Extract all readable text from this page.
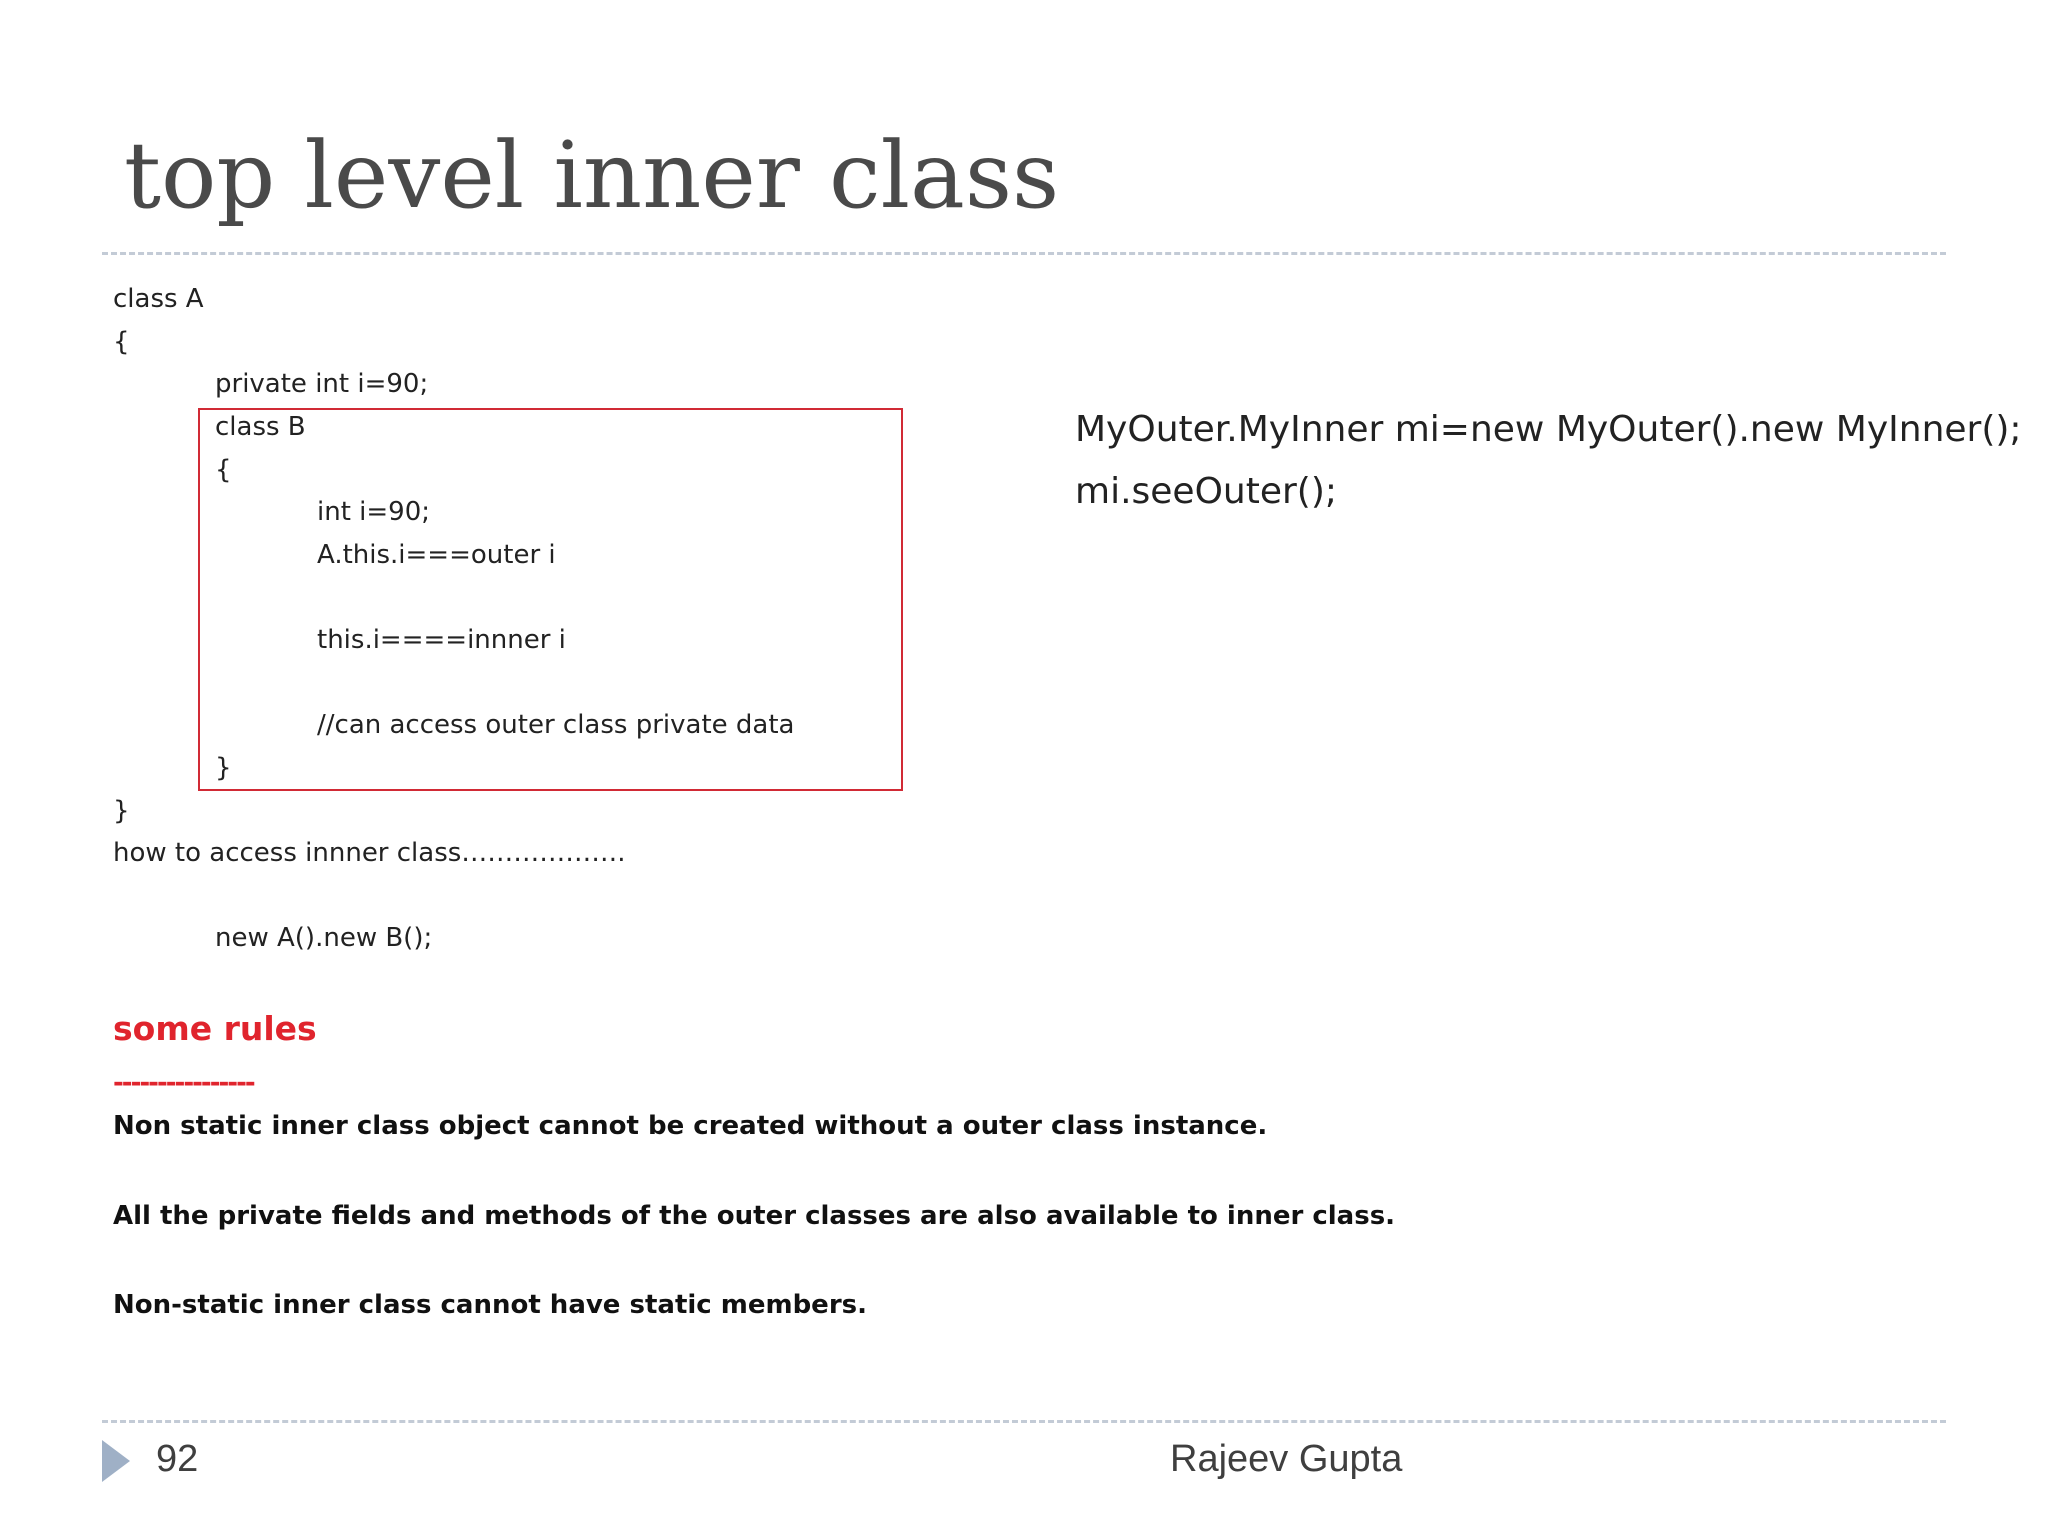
top level inner class
class A
{
private int i=90;
class B
{
int i=90;
A.this.i===outer i
this.i====innner i
//can access outer class private data
}
}
how to access innner class……………….
new A().new B();
MyOuter.MyInner mi=new MyOuter().new MyInner();
mi.seeOuter();
some rules
----------------
Non static inner class object cannot be created without a outer class instance.
All the private fields and methods of the outer classes are also available to inner class.
Non-static inner class cannot have static members.
92	Rajeev Gupta
